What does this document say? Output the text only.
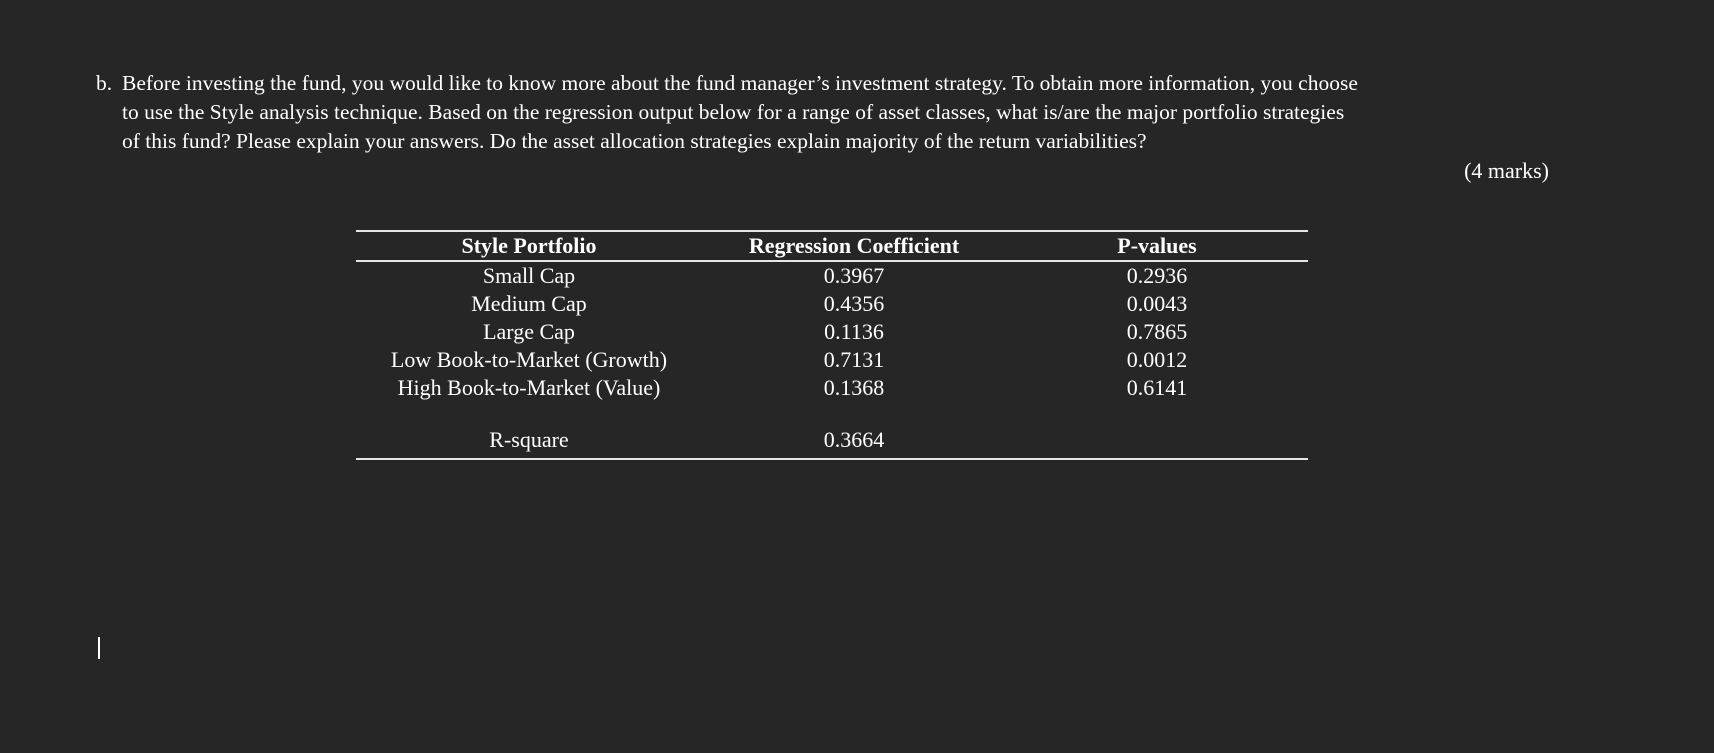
b. Before investing the fund, you would like to know more about the fund manager’s investment strategy. To obtain more information, you choose
to use the Style analysis technique. Based on the regression output below for a range of asset classes, what is/are the major portfolio strategies
of this fund? Please explain your answers. Do the asset allocation strategies explain majority of the return variabilities?
(4 marks)
Style Portfolio	Regression Coefficient	P-values
Small Cap	0.3967	0.2936
Medium Cap	0.4356	0.0043
Large Cap	0.1136	0.7865
Low Book-to-Market (Growth)	0.7131	0.0012
High Book-to-Market (Value)	0.1368	0.6141
R-square	0.3664
